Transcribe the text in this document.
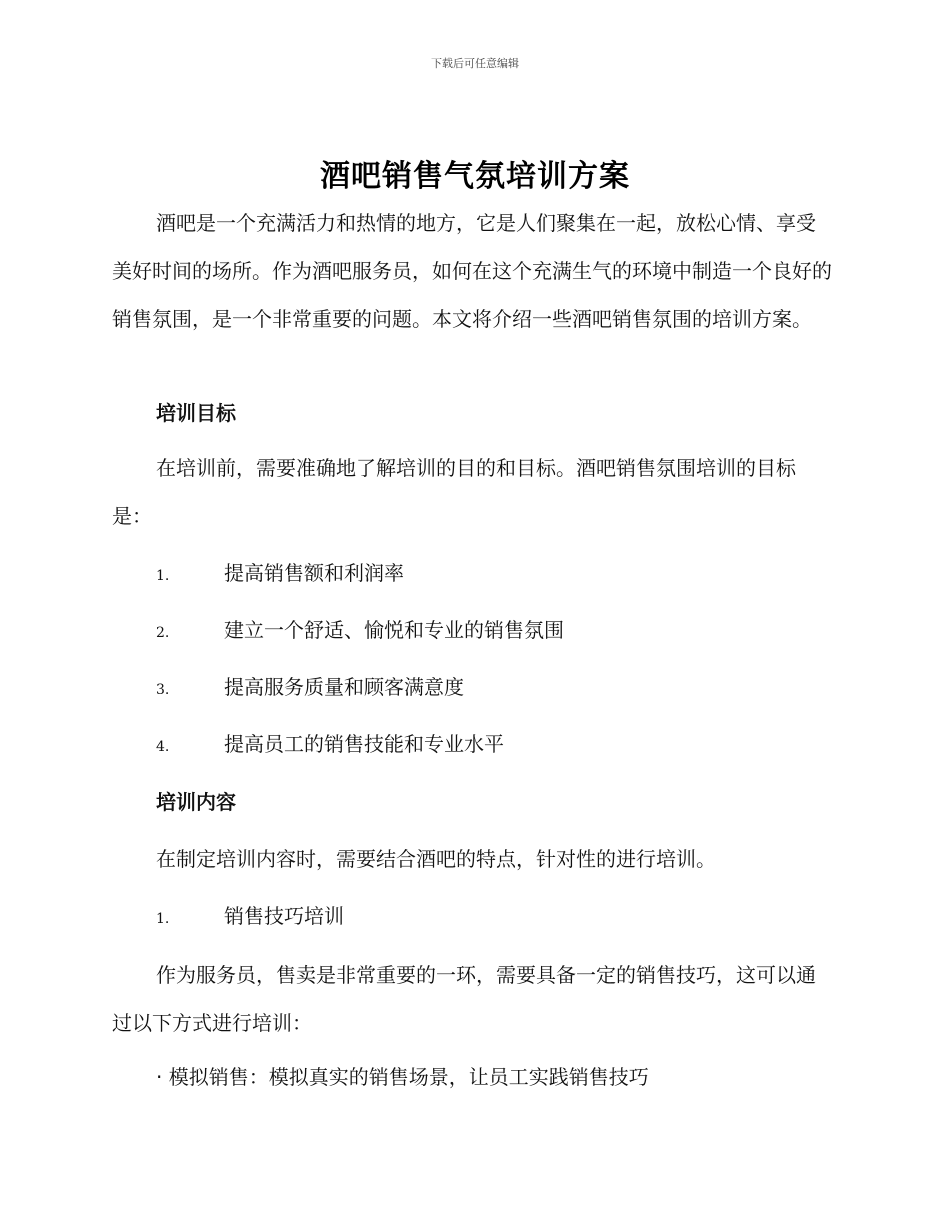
下载后可任意编辑
酒吧销售气氛培训方案
酒吧是一个充满活力和热情的地方，它是人们聚集在一起，放松心情、享受美好时间的场所。作为酒吧服务员，如何在这个充满生气的环境中制造一个良好的销售氛围，是一个非常重要的问题。本文将介绍一些酒吧销售氛围的培训方案。
培训目标
在培训前，需要准确地了解培训的目的和目标。酒吧销售氛围培训的目标是：
1.	提高销售额和利润率
2.	建立一个舒适、愉悦和专业的销售氛围
3.	提高服务质量和顾客满意度
4.	提高员工的销售技能和专业水平
培训内容
在制定培训内容时，需要结合酒吧的特点，针对性的进行培训。
1.	销售技巧培训
作为服务员，售卖是非常重要的一环，需要具备一定的销售技巧，这可以通过以下方式进行培训：
· 模拟销售：模拟真实的销售场景，让员工实践销售技巧
